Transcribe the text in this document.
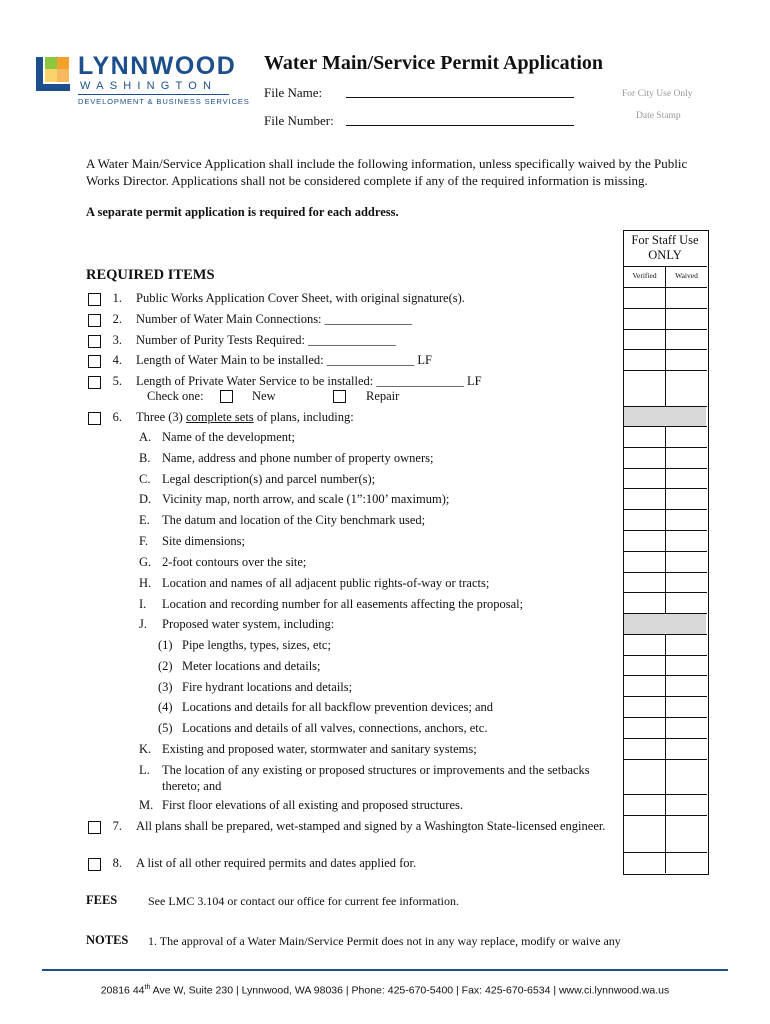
LYNNWOOD
WASHINGTON
DEVELOPMENT & BUSINESS SERVICES
Water Main/Service Permit Application
File Name:
File Number:
For City Use Only
Date Stamp
A Water Main/Service Application shall include the following information, unless specifically waived by the Public Works Director. Applications shall not be considered complete if any of the required information is missing.
A separate permit application is required for each address.
For Staff Use
ONLY
Verified	Waived
REQUIRED ITEMS
1. Public Works Application Cover Sheet, with original signature(s).
2. Number of Water Main Connections: ______________
3. Number of Purity Tests Required: ______________
4. Length of Water Main to be installed: ______________ LF
5. Length of Private Water Service to be installed: ______________ LF
Check one:	New	Repair
6. Three (3) complete sets of plans, including:
A. Name of the development;
B. Name, address and phone number of property owners;
C. Legal description(s) and parcel number(s);
D. Vicinity map, north arrow, and scale (1”:100’ maximum);
E. The datum and location of the City benchmark used;
F. Site dimensions;
G. 2-foot contours over the site;
H. Location and names of all adjacent public rights-of-way or tracts;
I. Location and recording number for all easements affecting the proposal;
J. Proposed water system, including:
(1) Pipe lengths, types, sizes, etc;
(2) Meter locations and details;
(3) Fire hydrant locations and details;
(4) Locations and details for all backflow prevention devices; and
(5) Locations and details of all valves, connections, anchors, etc.
K. Existing and proposed water, stormwater and sanitary systems;
L. The location of any existing or proposed structures or improvements and the setbacks thereto; and
M. First floor elevations of all existing and proposed structures.
7. All plans shall be prepared, wet-stamped and signed by a Washington State-licensed engineer.
8. A list of all other required permits and dates applied for.
FEES	See LMC 3.104 or contact our office for current fee information.
NOTES 1. The approval of a Water Main/Service Permit does not in any way replace, modify or waive any
20816 44th Ave W, Suite 230 | Lynnwood, WA 98036 | Phone: 425-670-5400 | Fax: 425-670-6534 | www.ci.lynnwood.wa.us
